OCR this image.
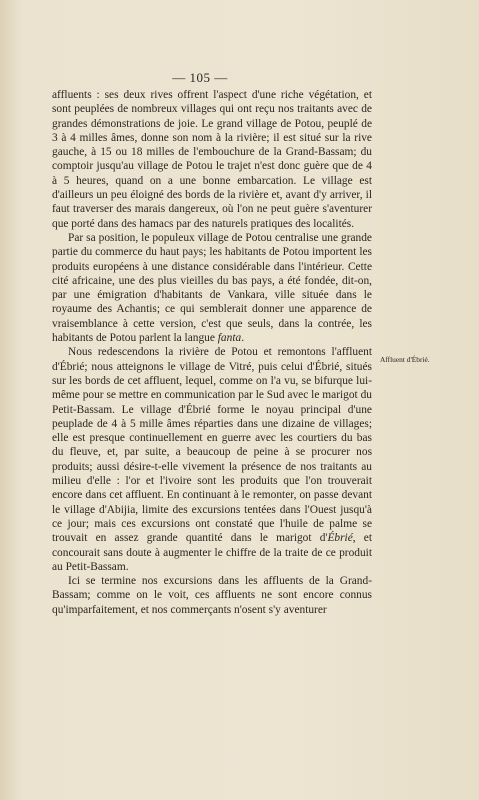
— 105 —

affluents : ses deux rives offrent l'aspect d'une riche végétation, et sont peuplées de nombreux villages qui ont reçu nos traitants avec de grandes démonstrations de joie. Le grand village de Potou, peuplé de 3 à 4 milles âmes, donne son nom à la rivière; il est situé sur la rive gauche, à 15 ou 18 milles de l'embouchure de la Grand-Bassam; du comptoir jusqu'au village de Potou le trajet n'est donc guère que de 4 à 5 heures, quand on a une bonne embarcation. Le village est d'ailleurs un peu éloigné des bords de la rivière et, avant d'y arriver, il faut traverser des marais dangereux, où l'on ne peut guère s'aventurer que porté dans des hamacs par des naturels pratiques des localités.

Par sa position, le populeux village de Potou centralise une grande partie du commerce du haut pays; les habitants de Potou importent les produits européens à une distance considérable dans l'intérieur. Cette cité africaine, une des plus vieilles du bas pays, a été fondée, dit-on, par une émigration d'habitants de Vankara, ville située dans le royaume des Achantis; ce qui semblerait donner une apparence de vraisemblance à cette version, c'est que seuls, dans la contrée, les habitants de Potou parlent la langue fanta.

Nous redescendons la rivière de Potou et remontons l'affluent d'Ébrié; nous atteignons le village de Vitré, puis celui d'Ébrié, situés sur les bords de cet affluent, lequel, comme on l'a vu, se bifurque lui-même pour se mettre en communication par le Sud avec le marigot du Petit-Bassam. Le village d'Ébrié forme le noyau principal d'une peuplade de 4 à 5 mille âmes réparties dans une dizaine de villages; elle est presque continuellement en guerre avec les courtiers du bas du fleuve, et, par suite, a beaucoup de peine à se procurer nos produits; aussi désire-t-elle vivement la présence de nos traitants au milieu d'elle : l'or et l'ivoire sont les produits que l'on trouverait encore dans cet affluent. En continuant à le remonter, on passe devant le village d'Abijia, limite des excursions tentées dans l'Ouest jusqu'à ce jour; mais ces excursions ont constaté que l'huile de palme se trouvait en assez grande quantité dans le marigot d'Ébrié, et concourait sans doute à augmenter le chiffre de la traite de ce produit au Petit-Bassam.

Ici se termine nos excursions dans les affluents de la Grand-Bassam; comme on le voit, ces affluents ne sont encore connus qu'imparfaitement, et nos commerçants n'osent s'y aventurer

Affluent d'Ébrié.
